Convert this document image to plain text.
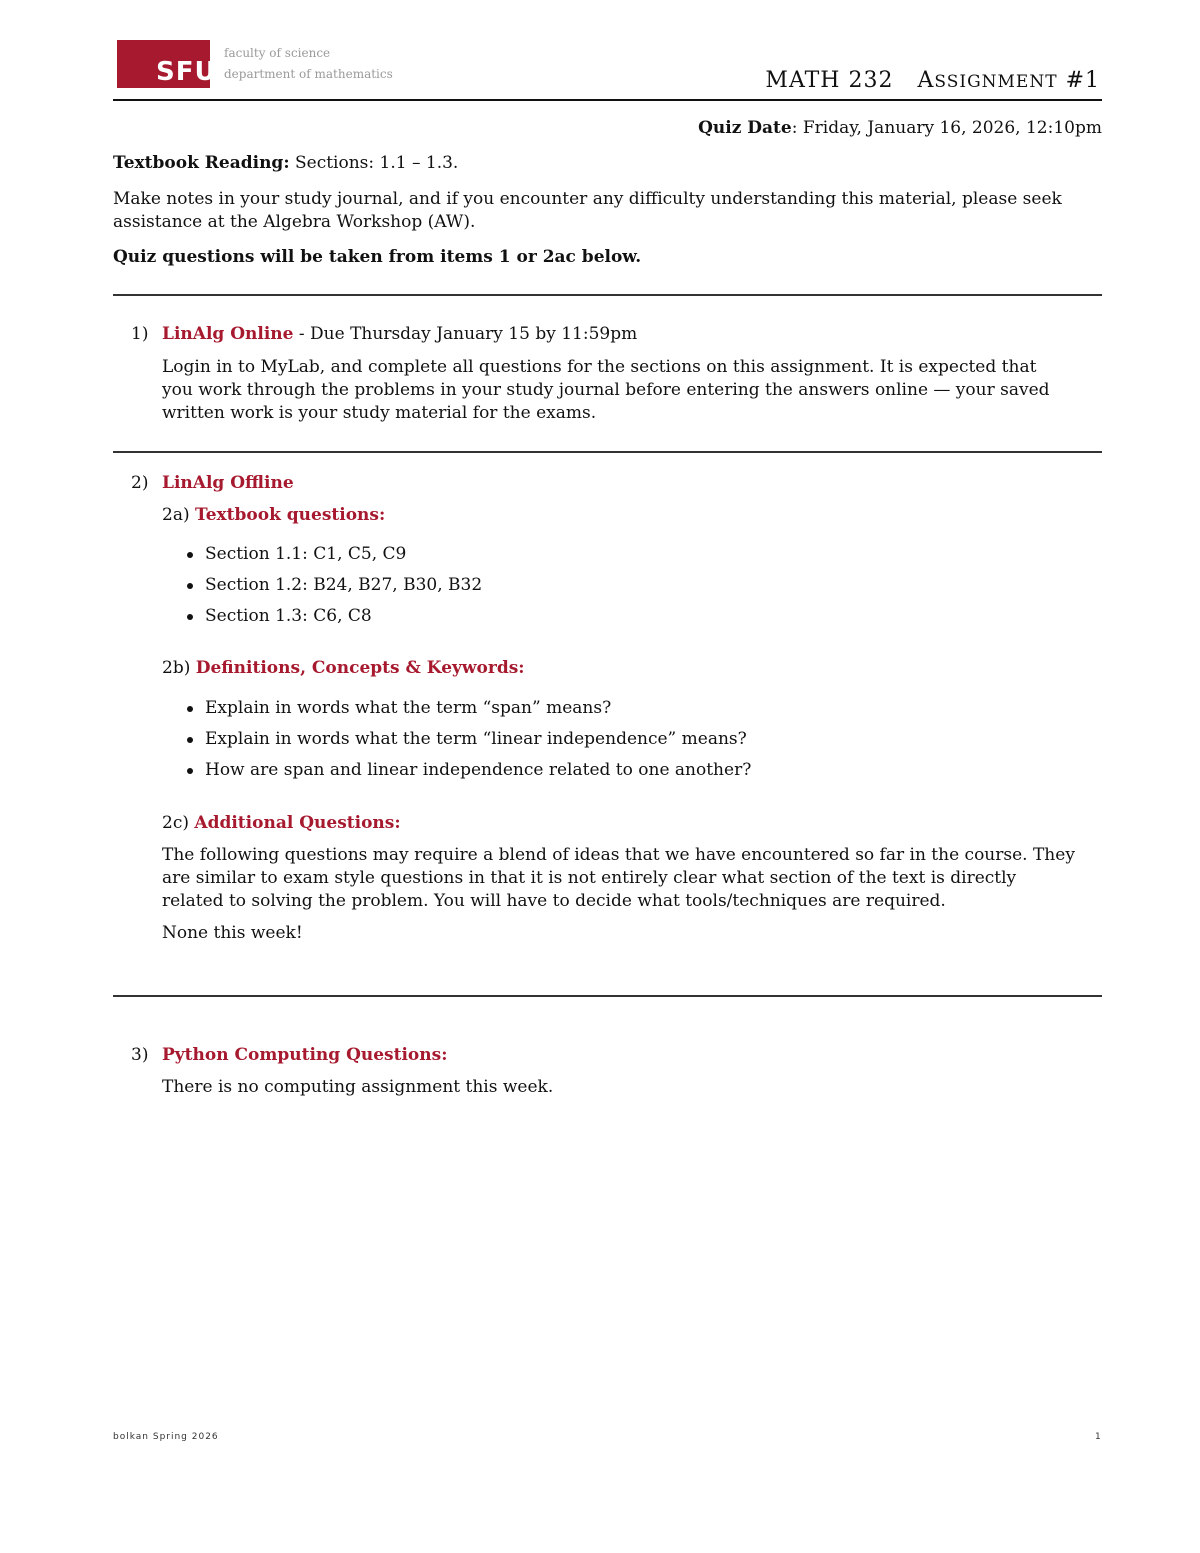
SFU
faculty of science
department of mathematics	MATH 232 ASSIGNMENT #1
Quiz Date: Friday, January 16, 2026, 12:10pm
Textbook Reading: Sections: 1.1 – 1.3.
Make notes in your study journal, and if you encounter any difficulty understanding this material, please seek
assistance at the Algebra Workshop (AW).
Quiz questions will be taken from items 1 or 2ac below.
1) LinAlg Online - Due Thursday January 15 by 11:59pm
Login in to MyLab, and complete all questions for the sections on this assignment. It is expected that
you work through the problems in your study journal before entering the answers online — your saved
written work is your study material for the exams.
2) LinAlg Offline
2a) Textbook questions:
Section 1.1: C1, C5, C9
Section 1.2: B24, B27, B30, B32
Section 1.3: C6, C8
2b) Definitions, Concepts & Keywords:
Explain in words what the term “span” means?
Explain in words what the term “linear independence” means?
How are span and linear independence related to one another?
2c) Additional Questions:
The following questions may require a blend of ideas that we have encountered so far in the course. They
are similar to exam style questions in that it is not entirely clear what section of the text is directly
related to solving the problem. You will have to decide what tools/techniques are required.
None this week!
3) Python Computing Questions:
There is no computing assignment this week.
bolkan Spring 2026	1
